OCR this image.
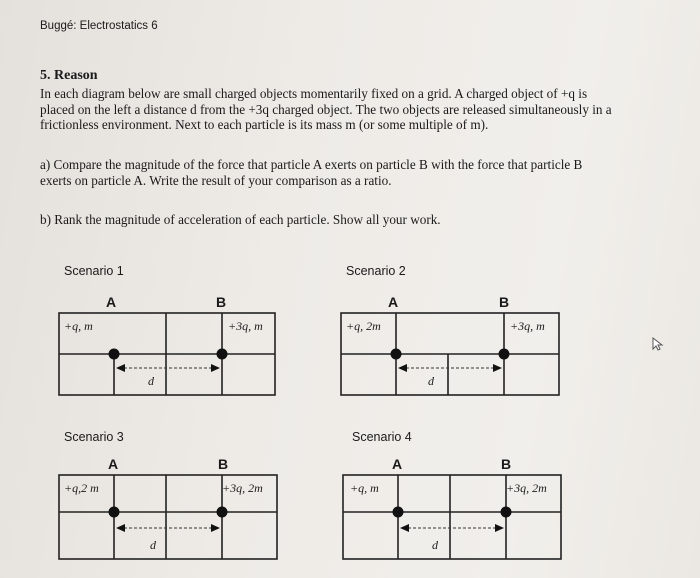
Buggé: Electrostatics 6
5. Reason
In each diagram below are small charged objects momentarily fixed on a grid. A charged object of +q is
placed on the left a distance d from the +3q charged object. The two objects are released simultaneously in a
frictionless environment. Next to each particle is its mass m (or some multiple of m).
a) Compare the magnitude of the force that particle A exerts on particle B with the force that particle B
exerts on particle A. Write the result of your comparison as a ratio.
b) Rank the magnitude of acceleration of each particle. Show all your work.
Scenario 1
A	B
+q, m	+3q, m
d
Scenario 2
A	B
+q, 2m	+3q, m
d
Scenario 3
A	B
+q,2 m	+3q, 2m
d
Scenario 4
A	B
+q, m	+3q, 2m
d
